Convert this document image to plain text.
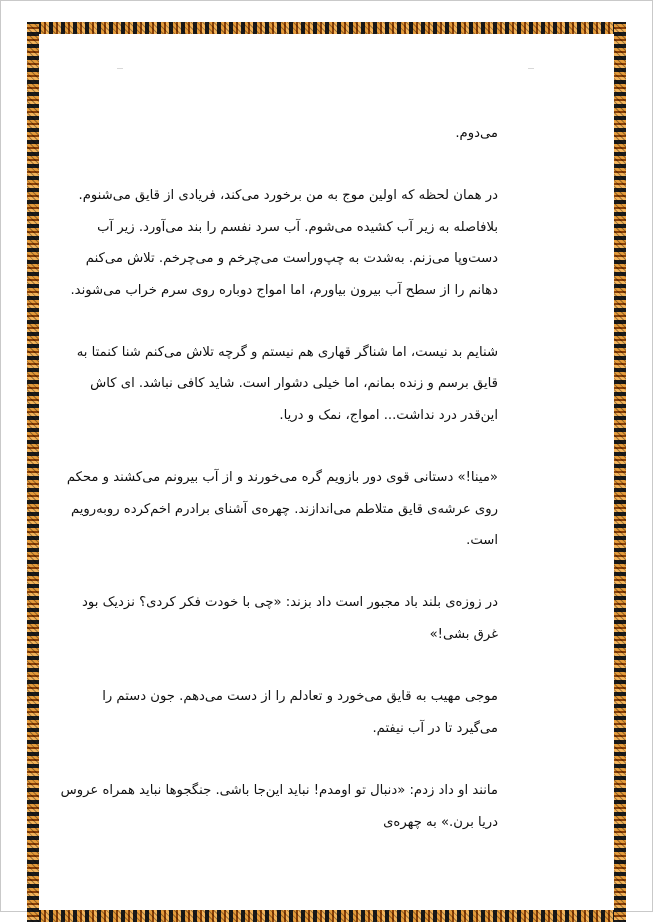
می‌دوم.

در همان لحظه که اولین موج به من برخورد می‌کند، فریادی از قایق می‌شنوم. بلافاصله به زیر آب کشیده می‌شوم. آب سرد نفسم را بند می‌آورد. زیر آب دست‌وپا می‌زنم. به‌شدت به چپ‌وراست می‌چرخم و می‌چرخم. تلاش می‌کنم دهانم را از سطح آب بیرون بیاورم، اما امواج دوباره روی سرم خراب می‌شوند.

شنایم بد نیست، اما شناگر قهاری هم نیستم و گرچه تلاش می‌کنم شنا کنمتا به قایق برسم و زنده بمانم، اما خیلی دشوار است. شاید کافی نباشد. ای کاش این‌قدر درد نداشت... امواج، نمک و دریا.

«مینا!» دستانی قوی دور بازویم گره می‌خورند و از آب بیرونم می‌کشند و محکم روی عرشه‌ی قایق متلاطم می‌اندازند. چهره‌ی آشنای برادرم اخم‌کرده روبه‌رویم است.

در زوزه‌ی بلند باد مجبور است داد بزند: «چی با خودت فکر کردی؟ نزدیک بود غرق بشی!»

موجی مهیب به قایق می‌خورد و تعادلم را از دست می‌دهم. جون دستم را می‌گیرد تا در آب نیفتم.

مانند او داد زدم: «دنبال تو اومدم! نباید این‌جا باشی. جنگجوها نباید همراه عروس دریا برن.» به چهره‌ی
